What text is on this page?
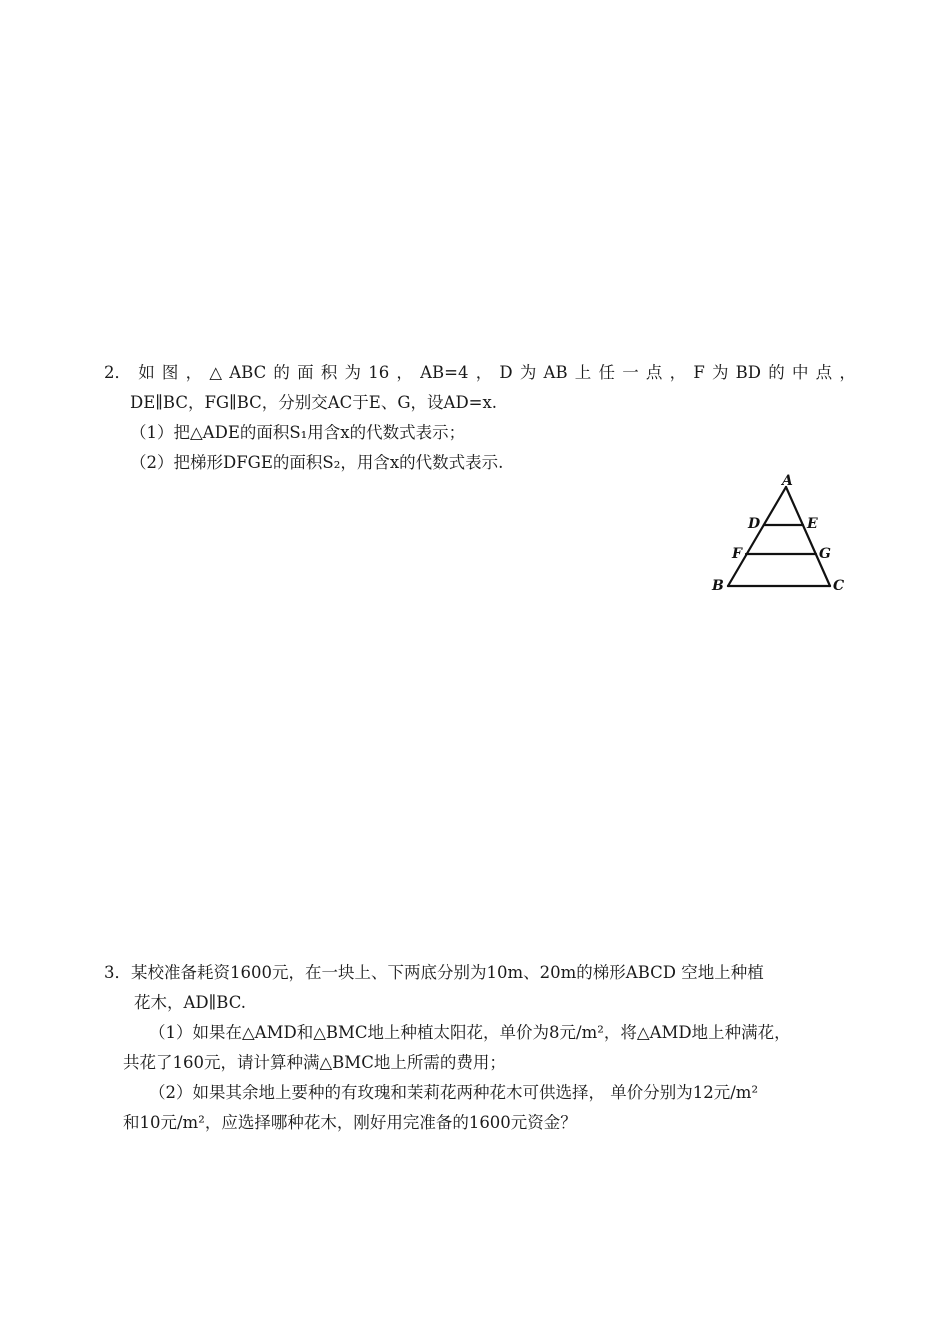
2． 如 图 ， △ ABC 的 面 积 为 16 ， AB=4 ， D 为 AB 上 任 一 点 ， F 为 BD 的 中 点 ，
DE∥BC，FG∥BC，分别交AC于E、G，设AD=x.
（1）把△ADE的面积S₁用含x的代数式表示；
（2）把梯形DFGE的面积S₂，用含x的代数式表示.
A
D	E
F	G
B	C
3．某校准备耗资1600元，在一块上、下两底分别为10m、20m的梯形ABCD 空地上种植
花木，AD∥BC.
（1）如果在△AMD和△BMC地上种植太阳花，单价为8元/m²，将△AMD地上种满花，
共花了160元，请计算种满△BMC地上所需的费用；
（2）如果其余地上要种的有玫瑰和茉莉花两种花木可供选择， 单价分别为12元/m²
和10元/m²，应选择哪种花木，刚好用完准备的1600元资金？
